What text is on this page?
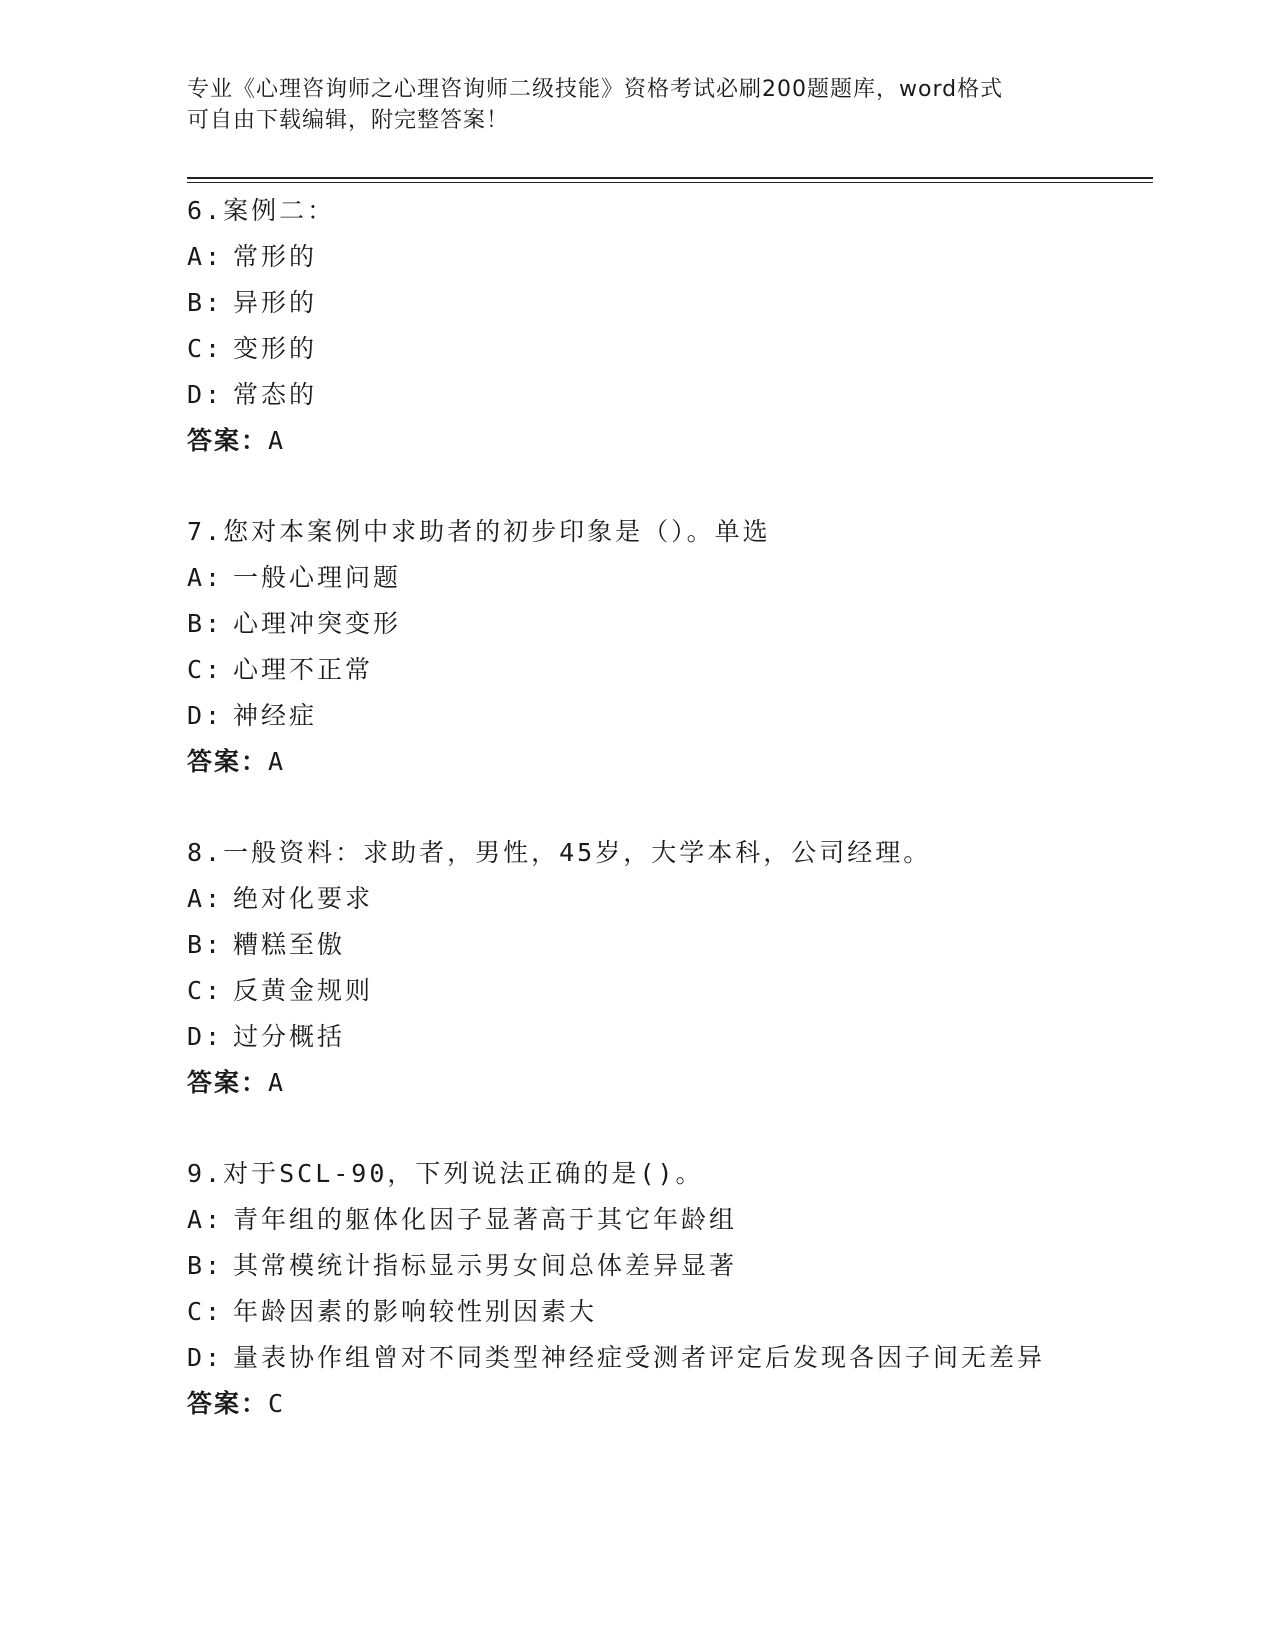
专业《心理咨询师之心理咨询师二级技能》资格考试必刷200题题库，word格式
可自由下载编辑，附完整答案！
6.案例二：
A: 常形的
B: 异形的
C: 变形的
D: 常态的
答案：A
7.您对本案例中求助者的初步印象是（）。单选
A: 一般心理问题
B: 心理冲突变形
C: 心理不正常
D: 神经症
答案：A
8.一般资料：求助者，男性，45岁，大学本科，公司经理。
A: 绝对化要求
B: 糟糕至傲
C: 反黄金规则
D: 过分概括
答案：A
9.对于SCL-90，下列说法正确的是()。
A: 青年组的躯体化因子显著高于其它年龄组
B: 其常模统计指标显示男女间总体差异显著
C: 年龄因素的影响较性别因素大
D: 量表协作组曾对不同类型神经症受测者评定后发现各因子间无差异
答案：C
